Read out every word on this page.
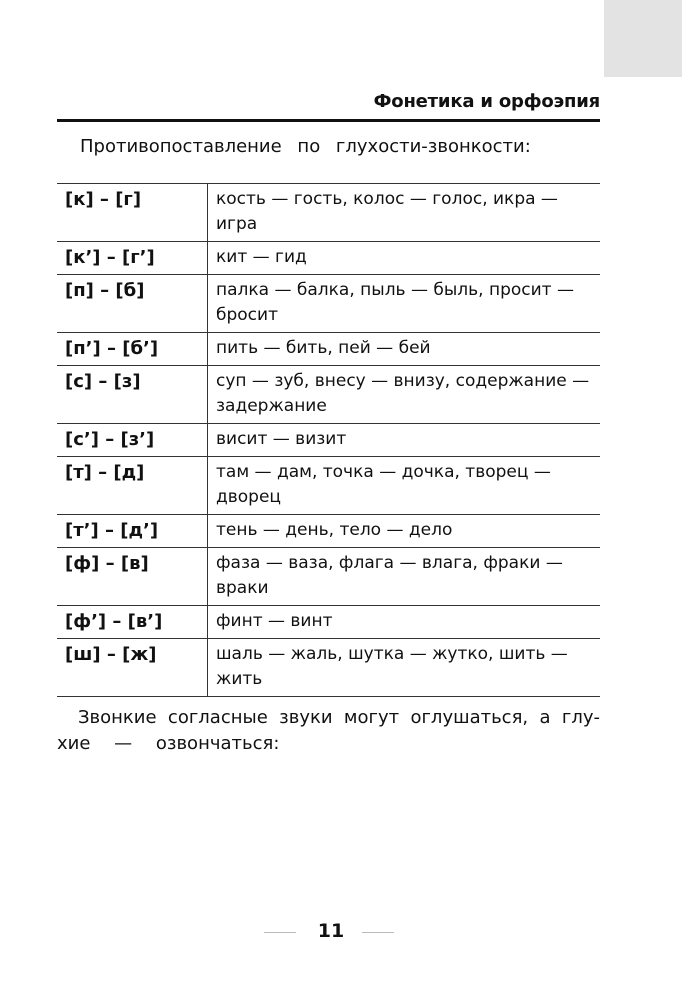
Фонетика и орфоэпия
Противопоставление по глухости-звонкости:
[к] – [г]	кость — гость, колос — голос, икра — игра
[к’] – [г’]	кит — гид
[п] – [б]	палка — балка, пыль — быль, просит — бросит
[п’] – [б’]	пить — бить, пей — бей
[с] – [з]	суп — зуб, внесу — внизу, содержание — задержание
[с’] – [з’]	висит — визит
[т] – [д]	там — дам, точка — дочка, творец — дворец
[т’] – [д’]	тень — день, тело — дело
[ф] – [в]	фаза — ваза, флага — влага, фраки — враки
[ф’] – [в’]	финт — винт
[ш] – [ж]	шаль — жаль, шутка — жутко, шить — жить
Звонкие согласные звуки могут оглушаться, а глу-
хие — озвончаться:
11
